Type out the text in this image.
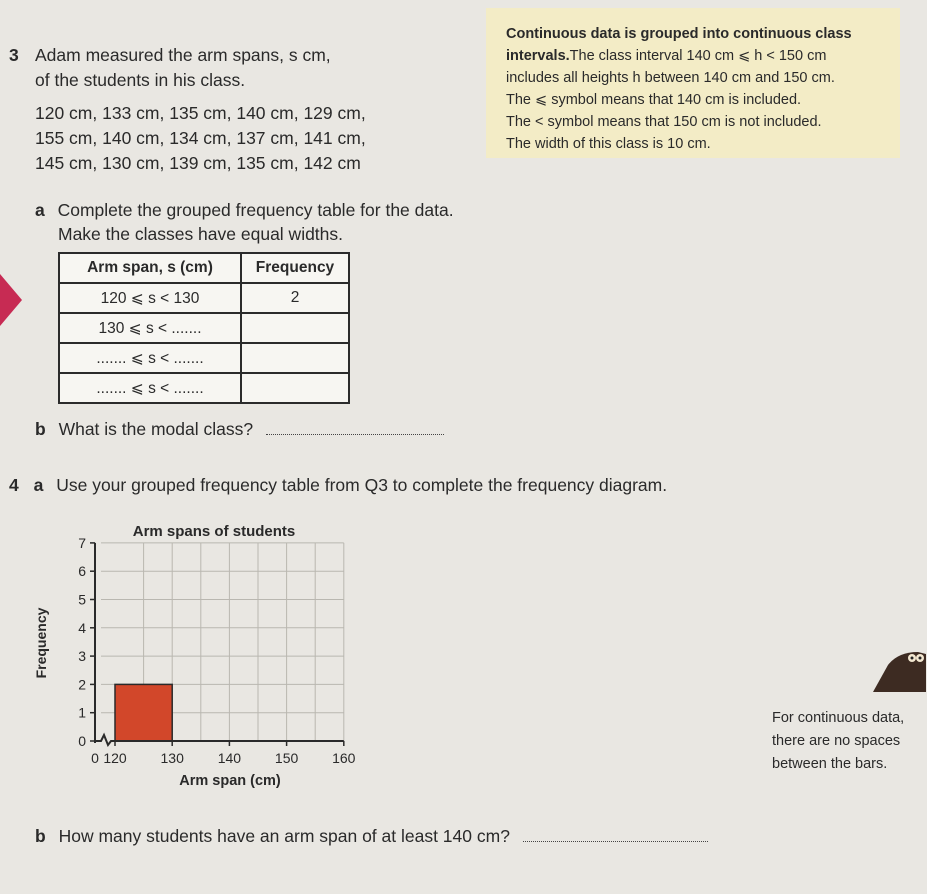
3 Adam measured the arm spans, s cm,
of the students in his class.
120 cm, 133 cm, 135 cm, 140 cm, 129 cm,
155 cm, 140 cm, 134 cm, 137 cm, 141 cm,
145 cm, 130 cm, 139 cm, 135 cm, 142 cm
Continuous data is grouped into continuous class
intervals.The class interval 140 cm ⩽ h < 150 cm
includes all heights h between 140 cm and 150 cm.
The ⩽ symbol means that 140 cm is included.
The < symbol means that 150 cm is not included.
The width of this class is 10 cm.
a Complete the grouped frequency table for the data.
Make the classes have equal widths.
Arm span, s (cm)	Frequency
120 ⩽ s < 130	2
130 ⩽ s < .......	
....... ⩽ s < .......	
....... ⩽ s < .......	
b What is the modal class?
4 a Use your grouped frequency table from Q3 to complete the frequency diagram.
Arm spans of students
0
1
2
3
4
5
6
7
0 120 130 140 150 160
Frequency
Arm span (cm)
For continuous data,
there are no spaces
between the bars.
b How many students have an arm span of at least 140 cm?
